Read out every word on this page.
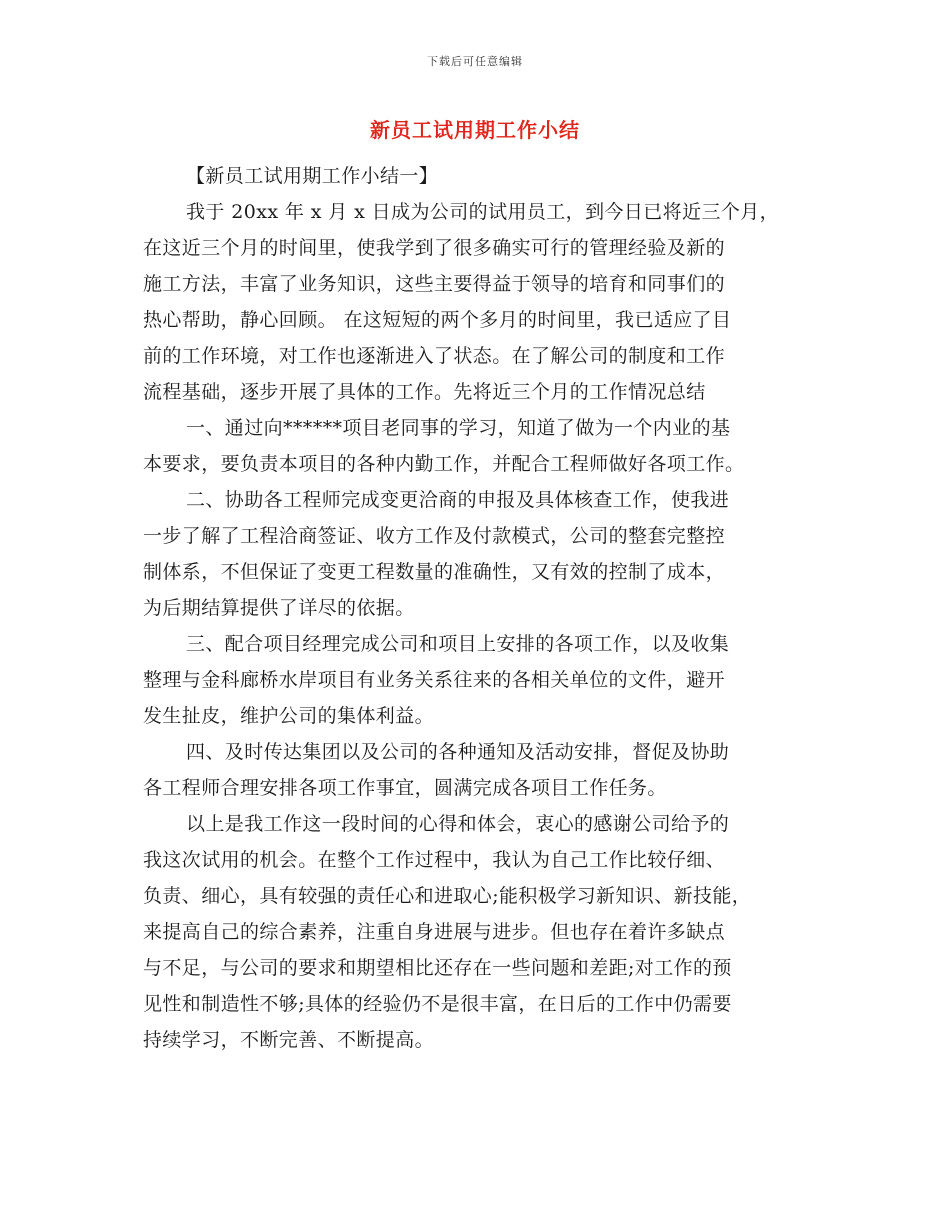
下载后可任意编辑
新员工试用期工作小结
【新员工试用期工作小结一】
我于 20xx 年 x 月 x 日成为公司的试用员工，到今日已将近三个月，
在这近三个月的时间里，使我学到了很多确实可行的管理经验及新的
施工方法，丰富了业务知识，这些主要得益于领导的培育和同事们的
热心帮助，静心回顾。 在这短短的两个多月的时间里，我已适应了目
前的工作环境，对工作也逐渐进入了状态。在了解公司的制度和工作
流程基础，逐步开展了具体的工作。先将近三个月的工作情况总结
一、通过向******项目老同事的学习，知道了做为一个内业的基
本要求，要负责本项目的各种内勤工作，并配合工程师做好各项工作。
二、协助各工程师完成变更洽商的申报及具体核查工作，使我进
一步了解了工程洽商签证、收方工作及付款模式，公司的整套完整控
制体系，不但保证了变更工程数量的准确性，又有效的控制了成本，
为后期结算提供了详尽的依据。
三、配合项目经理完成公司和项目上安排的各项工作，以及收集
整理与金科廊桥水岸项目有业务关系往来的各相关单位的文件，避开
发生扯皮，维护公司的集体利益。
四、及时传达集团以及公司的各种通知及活动安排，督促及协助
各工程师合理安排各项工作事宜，圆满完成各项目工作任务。
以上是我工作这一段时间的心得和体会，衷心的感谢公司给予的
我这次试用的机会。在整个工作过程中，我认为自己工作比较仔细、
负责、细心，具有较强的责任心和进取心;能积极学习新知识、新技能，
来提高自己的综合素养，注重自身进展与进步。但也存在着许多缺点
与不足，与公司的要求和期望相比还存在一些问题和差距;对工作的预
见性和制造性不够;具体的经验仍不是很丰富，在日后的工作中仍需要
持续学习，不断完善、不断提高。
